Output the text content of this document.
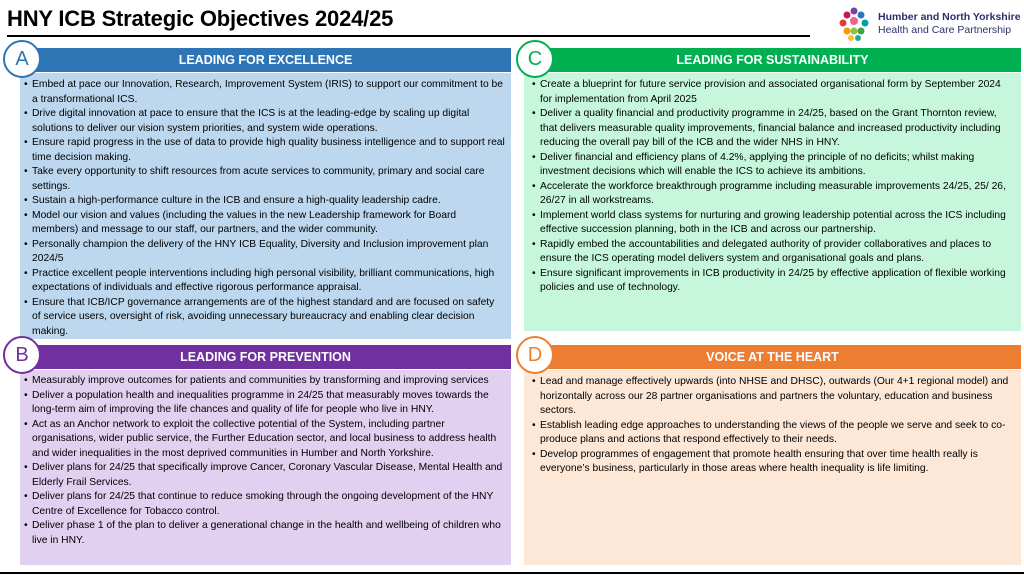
HNY ICB Strategic Objectives 2024/25	Humber and North Yorkshire
Health and Care Partnership
LEADING FOR EXCELLENCE
• Embed at pace our Innovation, Research, Improvement System (IRIS) to support our commitment to be a transformational ICS.
• Drive digital innovation at pace to ensure that the ICS is at the leading-edge by scaling up digital solutions to deliver our vision system priorities, and system wide operations.
• Ensure rapid progress in the use of data to provide high quality business intelligence and to support real time decision making.
• Take every opportunity to shift resources from acute services to community, primary and social care settings.
• Sustain a high-performance culture in the ICB and ensure a high-quality leadership cadre.
• Model our vision and values (including the values in the new Leadership framework for Board members) and message to our staff, our partners, and the wider community.
• Personally champion the delivery of the HNY ICB Equality, Diversity and Inclusion improvement plan 2024/5
• Practice excellent people interventions including high personal visibility, brilliant communications, high expectations of individuals and effective rigorous performance appraisal.
• Ensure that ICB/ICP governance arrangements are of the highest standard and are focused on safety of service users, oversight of risk, avoiding unnecessary bureaucracy and enabling clear decision making.
A	LEADING FOR SUSTAINABILITY
• Create a blueprint for future service provision and associated organisational form by September 2024 for implementation from April 2025
• Deliver a quality financial and productivity programme in 24/25, based on the Grant Thornton review, that delivers measurable quality improvements, financial balance and increased productivity including reducing the overall pay bill of the ICB and the wider NHS in HNY.
• Deliver financial and efficiency plans of 4.2%, applying the principle of no deficits; whilst making investment decisions which will enable the ICS to achieve its ambitions.
• Accelerate the workforce breakthrough programme including measurable improvements 24/25, 25/ 26, 26/27 in all workstreams.
• Implement world class systems for nurturing and growing leadership potential across the ICS including effective succession planning, both in the ICB and across our partnership.
• Rapidly embed the accountabilities and delegated authority of provider collaboratives and places to ensure the ICS operating model delivers system and organisational goals and plans.
• Ensure significant improvements in ICB productivity in 24/25 by effective application of flexible working policies and use of technology.
C
LEADING FOR PREVENTION
• Measurably improve outcomes for patients and communities by transforming and improving services
• Deliver a population health and inequalities programme in 24/25 that measurably moves towards the long-term aim of improving the life chances and quality of life for people who live in HNY.
• Act as an Anchor network to exploit the collective potential of the System, including partner organisations, wider public service, the Further Education sector, and local business to address health and wider inequalities in the most deprived communities in Humber and North Yorkshire.
• Deliver plans for 24/25 that specifically improve Cancer, Coronary Vascular Disease, Mental Health and Elderly Frail Services.
• Deliver plans for 24/25 that continue to reduce smoking through the ongoing development of the HNY Centre of Excellence for Tobacco control.
• Deliver phase 1 of the plan to deliver a generational change in the health and wellbeing of children who live in HNY.
B	VOICE AT THE HEART
• Lead and manage effectively upwards (into NHSE and DHSC), outwards (Our 4+1 regional model) and horizontally across our 28 partner organisations and partners the voluntary, education and business sectors.
• Establish leading edge approaches to understanding the views of the people we serve and seek to co-produce plans and actions that respond effectively to their needs.
• Develop programmes of engagement that promote health ensuring that over time health really is everyone’s business, particularly in those areas where health inequality is life limiting.
D
